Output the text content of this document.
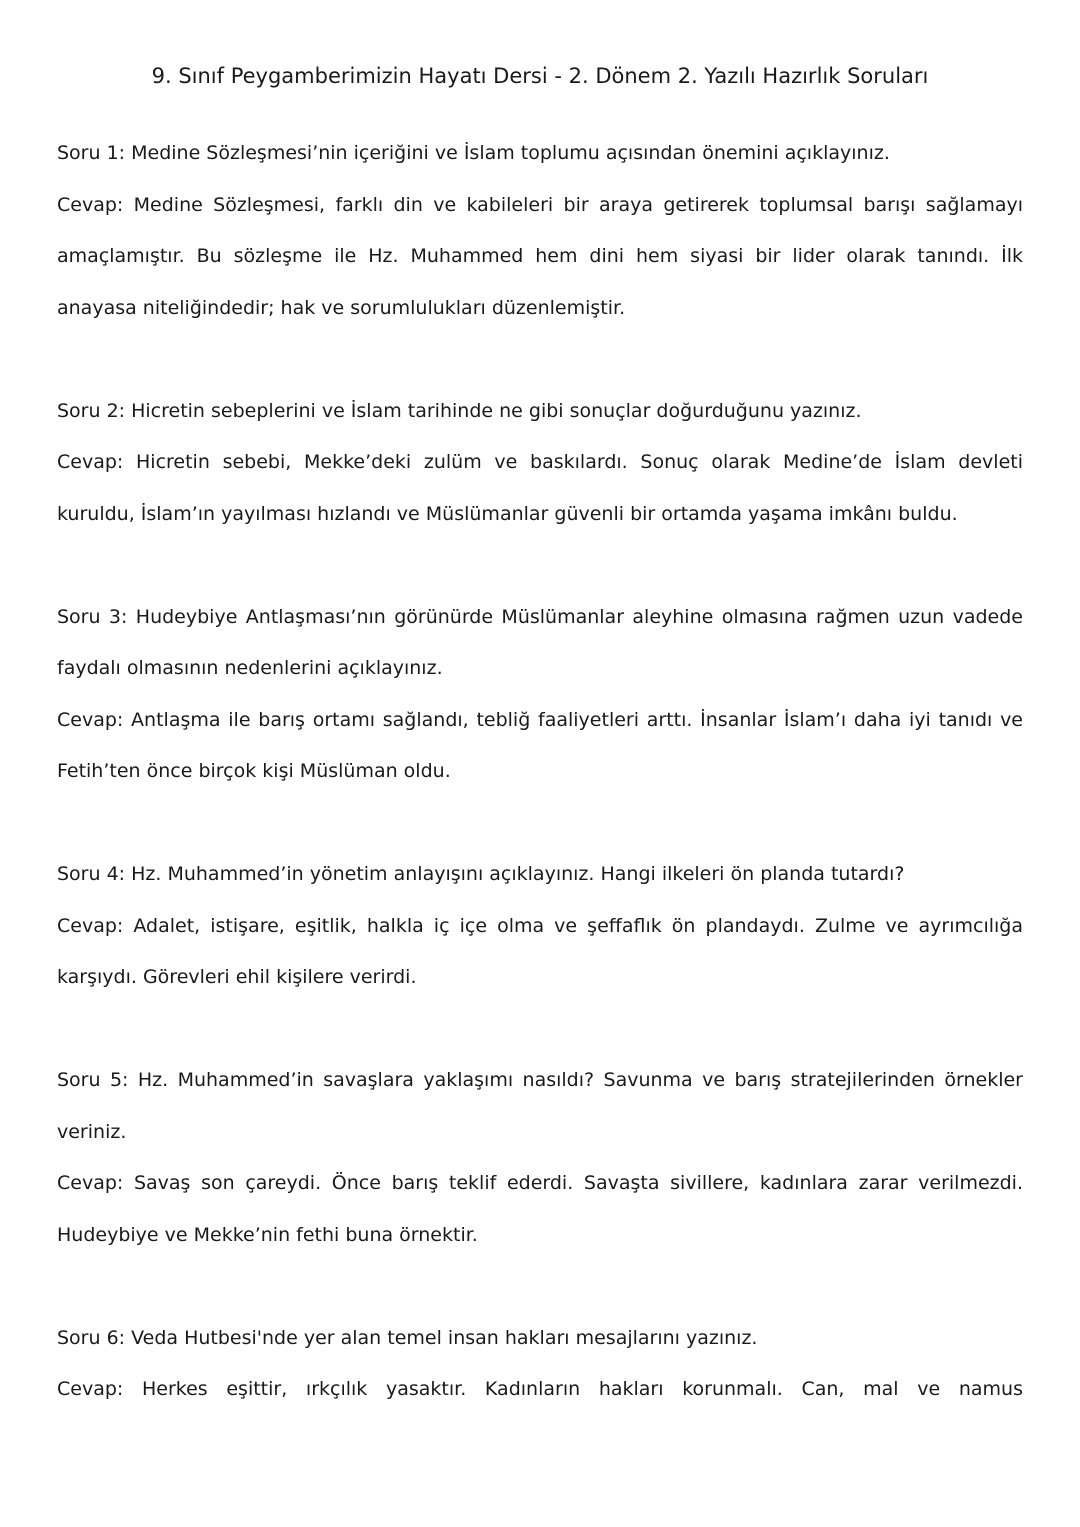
9. Sınıf Peygamberimizin Hayatı Dersi - 2. Dönem 2. Yazılı Hazırlık Soruları

Soru 1: Medine Sözleşmesi’nin içeriğini ve İslam toplumu açısından önemini açıklayınız.

Cevap: Medine Sözleşmesi, farklı din ve kabileleri bir araya getirerek toplumsal barışı sağlamayı amaçlamıştır. Bu sözleşme ile Hz. Muhammed hem dini hem siyasi bir lider olarak tanındı. İlk anayasa niteliğindedir; hak ve sorumlulukları düzenlemiştir.

Soru 2: Hicretin sebeplerini ve İslam tarihinde ne gibi sonuçlar doğurduğunu yazınız.

Cevap: Hicretin sebebi, Mekke’deki zulüm ve baskılardı. Sonuç olarak Medine’de İslam devleti kuruldu, İslam’ın yayılması hızlandı ve Müslümanlar güvenli bir ortamda yaşama imkânı buldu.

Soru 3: Hudeybiye Antlaşması’nın görünürde Müslümanlar aleyhine olmasına rağmen uzun vadede faydalı olmasının nedenlerini açıklayınız.

Cevap: Antlaşma ile barış ortamı sağlandı, tebliğ faaliyetleri arttı. İnsanlar İslam’ı daha iyi tanıdı ve Fetih’ten önce birçok kişi Müslüman oldu.

Soru 4: Hz. Muhammed’in yönetim anlayışını açıklayınız. Hangi ilkeleri ön planda tutardı?

Cevap: Adalet, istişare, eşitlik, halkla iç içe olma ve şeffaflık ön plandaydı. Zulme ve ayrımcılığa karşıydı. Görevleri ehil kişilere verirdi.

Soru 5: Hz. Muhammed’in savaşlara yaklaşımı nasıldı? Savunma ve barış stratejilerinden örnekler veriniz.

Cevap: Savaş son çareydi. Önce barış teklif ederdi. Savaşta sivillere, kadınlara zarar verilmezdi. Hudeybiye ve Mekke’nin fethi buna örnektir.

Soru 6: Veda Hutbesi'nde yer alan temel insan hakları mesajlarını yazınız.

Cevap: Herkes eşittir, ırkçılık yasaktır. Kadınların hakları korunmalı. Can, mal ve namus
